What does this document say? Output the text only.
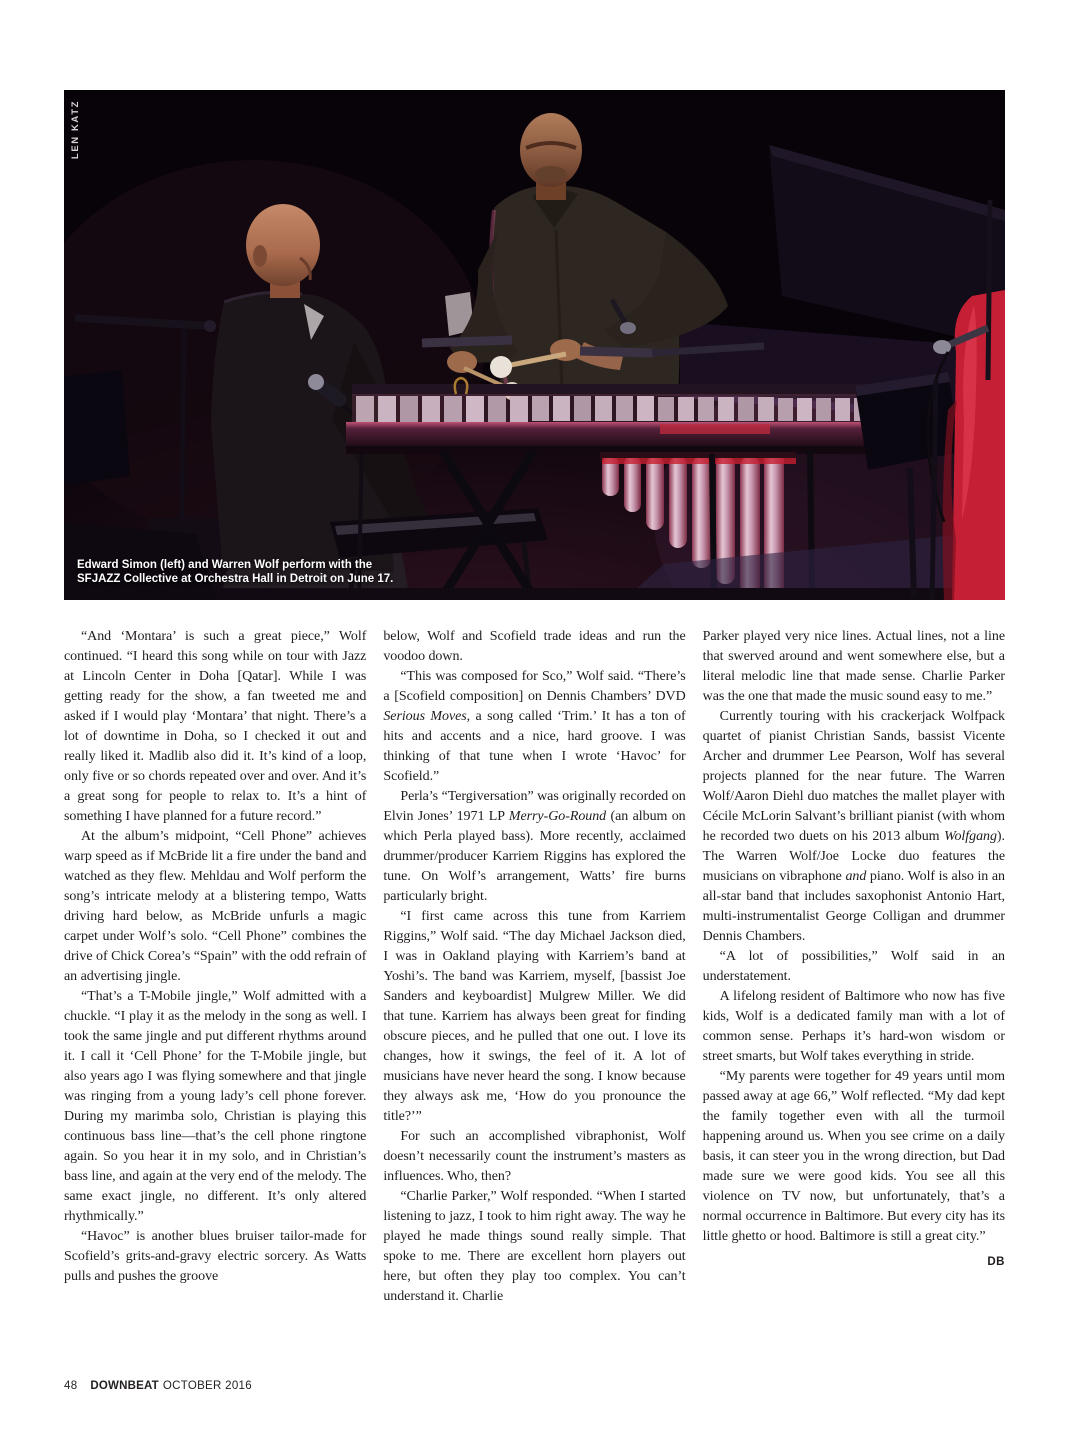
LEN KATZ
Edward Simon (left) and Warren Wolf perform with the
SFJAZZ Collective at Orchestra Hall in Detroit on June 17.

“And ‘Montara’ is such a great piece,” Wolf continued. “I heard this song while on tour with Jazz at Lincoln Center in Doha [Qatar]. While I was getting ready for the show, a fan tweeted me and asked if I would play ‘Montara’ that night. There’s a lot of downtime in Doha, so I checked it out and really liked it. Madlib also did it. It’s kind of a loop, only five or so chords repeated over and over. And it’s a great song for people to relax to. It’s a hint of something I have planned for a future record.”

At the album’s midpoint, “Cell Phone” achieves warp speed as if McBride lit a fire under the band and watched as they flew. Mehldau and Wolf perform the song’s intricate melody at a blistering tempo, Watts driving hard below, as McBride unfurls a magic carpet under Wolf’s solo. “Cell Phone” combines the drive of Chick Corea’s “Spain” with the odd refrain of an advertising jingle.

“That’s a T-Mobile jingle,” Wolf admitted with a chuckle. “I play it as the melody in the song as well. I took the same jingle and put different rhythms around it. I call it ‘Cell Phone’ for the T-Mobile jingle, but also years ago I was flying somewhere and that jingle was ringing from a young lady’s cell phone forever. During my marimba solo, Christian is playing this continuous bass line—that’s the cell phone ringtone again. So you hear it in my solo, and in Christian’s bass line, and again at the very end of the melody. The same exact jingle, no different. It’s only altered rhythmically.”

“Havoc” is another blues bruiser tailor-made for Scofield’s grits-and-gravy electric sorcery. As Watts pulls and pushes the groove

below, Wolf and Scofield trade ideas and run the voodoo down.

“This was composed for Sco,” Wolf said. “There’s a [Scofield composition] on Dennis Chambers’ DVD Serious Moves, a song called ‘Trim.’ It has a ton of hits and accents and a nice, hard groove. I was thinking of that tune when I wrote ‘Havoc’ for Scofield.”

Perla’s “Tergiversation” was originally recorded on Elvin Jones’ 1971 LP Merry-Go-Round (an album on which Perla played bass). More recently, acclaimed drummer/producer Karriem Riggins has explored the tune. On Wolf’s arrangement, Watts’ fire burns particularly bright.

“I first came across this tune from Karriem Riggins,” Wolf said. “The day Michael Jackson died, I was in Oakland playing with Karriem’s band at Yoshi’s. The band was Karriem, myself, [bassist Joe Sanders and keyboardist] Mulgrew Miller. We did that tune. Karriem has always been great for finding obscure pieces, and he pulled that one out. I love its changes, how it swings, the feel of it. A lot of musicians have never heard the song. I know because they always ask me, ‘How do you pronounce the title?’”

For such an accomplished vibraphonist, Wolf doesn’t necessarily count the instrument’s masters as influences. Who, then?

“Charlie Parker,” Wolf responded. “When I started listening to jazz, I took to him right away. The way he played he made things sound really simple. That spoke to me. There are excellent horn players out here, but often they play too complex. You can’t understand it. Charlie

Parker played very nice lines. Actual lines, not a line that swerved around and went somewhere else, but a literal melodic line that made sense. Charlie Parker was the one that made the music sound easy to me.”

Currently touring with his crackerjack Wolfpack quartet of pianist Christian Sands, bassist Vicente Archer and drummer Lee Pearson, Wolf has several projects planned for the near future. The Warren Wolf/Aaron Diehl duo matches the mallet player with Cécile McLorin Salvant’s brilliant pianist (with whom he recorded two duets on his 2013 album Wolfgang). The Warren Wolf/Joe Locke duo features the musicians on vibraphone and piano. Wolf is also in an all-star band that includes saxophonist Antonio Hart, multi-instrumentalist George Colligan and drummer Dennis Chambers.

“A lot of possibilities,” Wolf said in an understatement.

A lifelong resident of Baltimore who now has five kids, Wolf is a dedicated family man with a lot of common sense. Perhaps it’s hard-won wisdom or street smarts, but Wolf takes everything in stride.

“My parents were together for 49 years until mom passed away at age 66,” Wolf reflected. “My dad kept the family together even with all the turmoil happening around us. When you see crime on a daily basis, it can steer you in the wrong direction, but Dad made sure we were good kids. You see all this violence on TV now, but unfortunately, that’s a normal occurrence in Baltimore. But every city has its little ghetto or hood. Baltimore is still a great city.”
DB

48 DOWNBEAT OCTOBER 2016
